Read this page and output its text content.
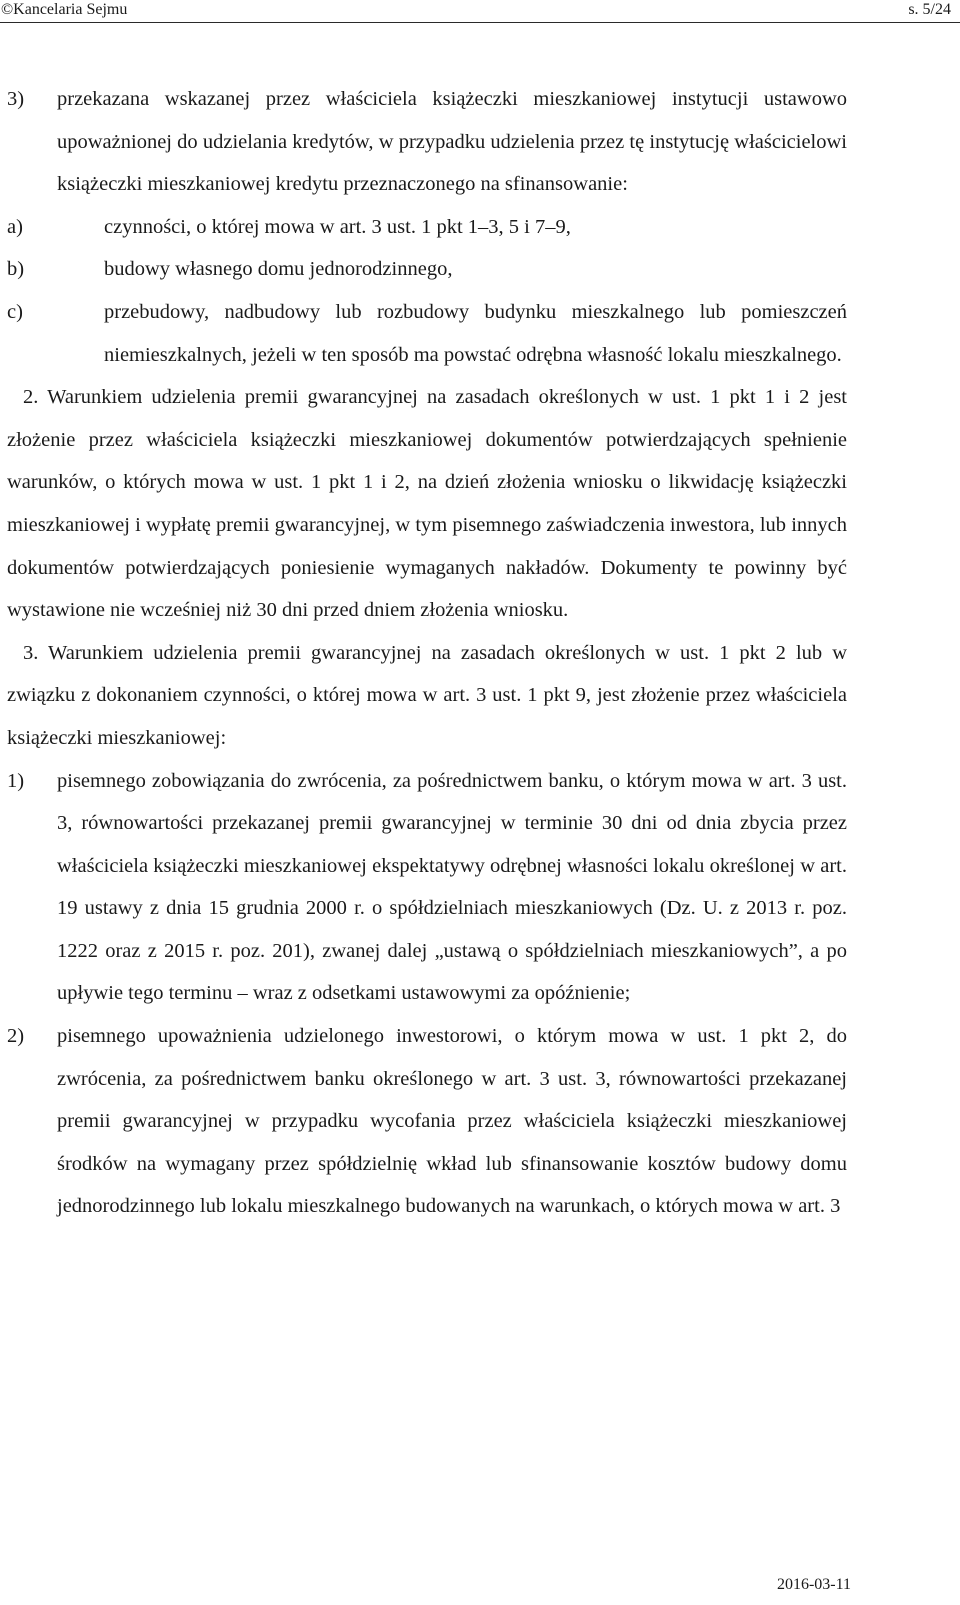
©Kancelaria Sejmu	s. 5/24
3)	przekazana wskazanej przez właściciela książeczki mieszkaniowej instytucji ustawowo upoważnionej do udzielania kredytów, w przypadku udzielenia przez tę instytucję właścicielowi książeczki mieszkaniowej kredytu przeznaczonego na sfinansowanie:
a)	czynności, o której mowa w art. 3 ust. 1 pkt 1–3, 5 i 7–9,
b)	budowy własnego domu jednorodzinnego,
c)	przebudowy, nadbudowy lub rozbudowy budynku mieszkalnego lub pomieszczeń niemieszkalnych, jeżeli w ten sposób ma powstać odrębna własność lokalu mieszkalnego.

2. Warunkiem udzielenia premii gwarancyjnej na zasadach określonych w ust. 1 pkt 1 i 2 jest złożenie przez właściciela książeczki mieszkaniowej dokumentów potwierdzających spełnienie warunków, o których mowa w ust. 1 pkt 1 i 2, na dzień złożenia wniosku o likwidację książeczki mieszkaniowej i wypłatę premii gwarancyjnej, w tym pisemnego zaświadczenia inwestora, lub innych dokumentów potwierdzających poniesienie wymaganych nakładów. Dokumenty te powinny być wystawione nie wcześniej niż 30 dni przed dniem złożenia wniosku.

3. Warunkiem udzielenia premii gwarancyjnej na zasadach określonych w ust. 1 pkt 2 lub w związku z dokonaniem czynności, o której mowa w art. 3 ust. 1 pkt 9, jest złożenie przez właściciela książeczki mieszkaniowej:

1)	pisemnego zobowiązania do zwrócenia, za pośrednictwem banku, o którym mowa w art. 3 ust. 3, równowartości przekazanej premii gwarancyjnej w terminie 30 dni od dnia zbycia przez właściciela książeczki mieszkaniowej ekspektatywy odrębnej własności lokalu określonej w art. 19 ustawy z dnia 15 grudnia 2000 r. o spółdzielniach mieszkaniowych (Dz. U. z 2013 r. poz. 1222 oraz z 2015 r. poz. 201), zwanej dalej „ustawą o spółdzielniach mieszkaniowych”, a po upływie tego terminu – wraz z odsetkami ustawowymi za opóźnienie;
2)	pisemnego upoważnienia udzielonego inwestorowi, o którym mowa w ust. 1 pkt 2, do zwrócenia, za pośrednictwem banku określonego w art. 3 ust. 3, równowartości przekazanej premii gwarancyjnej w przypadku wycofania przez właściciela książeczki mieszkaniowej środków na wymagany przez spółdzielnię wkład lub sfinansowanie kosztów budowy domu jednorodzinnego lub lokalu mieszkalnego budowanych na warunkach, o których mowa w art. 3
2016-03-11
